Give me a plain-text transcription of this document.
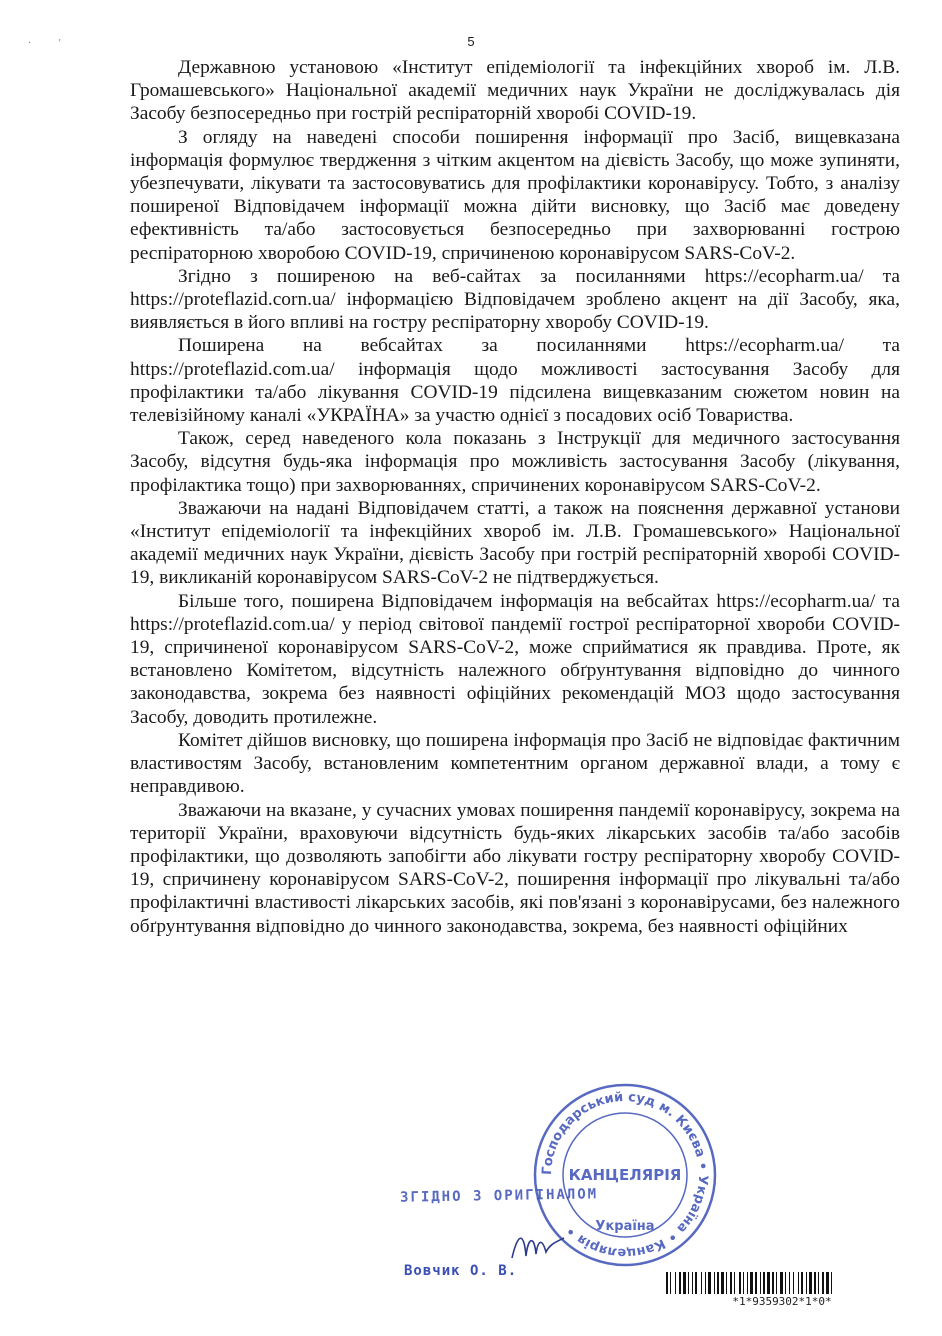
·           '	5

Державною установою «Інститут епідеміології та інфекційних хвороб ім. Л.В. Громашевського» Національної академії медичних наук України не досліджувалась дія Засобу безпосередньо при гострій респіраторній хворобі COVID-19.

З огляду на наведені способи поширення інформації про Засіб, вищевказана інформація формулює твердження з чітким акцентом на дієвість Засобу, що може зупиняти, убезпечувати, лікувати та застосовуватись для профілактики коронавірусу. Тобто, з аналізу поширеної Відповідачем інформації можна дійти висновку, що Засіб має доведену ефективність та/або застосовується безпосередньо при захворюванні гострою респіраторною хворобою COVID-19, спричиненою коронавірусом SARS-CoV-2.

Згідно з поширеною на веб-сайтах за посиланнями https://ecopharm.ua/ та https://proteflazid.corn.ua/ інформацією Відповідачем зроблено акцент на дії Засобу, яка, виявляється в його впливі на гостру респіраторну хворобу COVID-19.

Поширена на вебсайтах за посиланнями https://ecopharm.ua/ та https://proteflazid.com.ua/ інформація щодо можливості застосування Засобу для профілактики та/або лікування COVID-19 підсилена вищевказаним сюжетом новин на телевізійному каналі «УКРАЇНА» за участю однієї з посадових осіб Товариства.

Також, серед наведеного кола показань з Інструкції для медичного застосування Засобу, відсутня будь-яка інформація про можливість застосування Засобу (лікування, профілактика тощо) при захворюваннях, спричинених коронавірусом SARS-CoV-2.

Зважаючи на надані Відповідачем статті, а також на пояснення державної установи «Інститут епідеміології та інфекційних хвороб ім. Л.В. Громашевського» Національної академії медичних наук України, дієвість Засобу при гострій респіраторній хворобі COVID-19, викликаній коронавірусом SARS-CoV-2 не підтверджується.

Більше того, поширена Відповідачем інформація на вебсайтах https://ecopharm.ua/ та https://proteflazid.com.ua/ у період світової пандемії гострої респіраторної хвороби COVID-19, спричиненої коронавірусом SARS-CoV-2, може сприйматися як правдива. Проте, як встановлено Комітетом, відсутність належного обґрунтування відповідно до чинного законодавства, зокрема без наявності офіційних рекомендацій МОЗ щодо застосування Засобу, доводить протилежне.

Комітет дійшов висновку, що поширена інформація про Засіб не відповідає фактичним властивостям Засобу, встановленим компетентним органом державної влади, а тому є неправдивою.

Зважаючи на вказане, у сучасних умовах поширення пандемії коронавірусу, зокрема на території України, враховуючи відсутність будь-яких лікарських засобів та/або засобів профілактики, що дозволяють запобігти або лікувати гостру респіраторну хворобу COVID-19, спричинену коронавірусом SARS-CoV-2, поширення інформації про лікувальні та/або профілактичні властивості лікарських засобів, які пов'язані з коронавірусами, без належного обґрунтування відповідно до чинного законодавства, зокрема, без наявності офіційних

Господарський суд м. Києва • Україна • Канцелярія •
КАНЦЕЛЯРІЯ
Україна
ЗГІДНО З ОРИГІНАЛОМ
Вовчик О. В.
*1*9359302*1*0*
